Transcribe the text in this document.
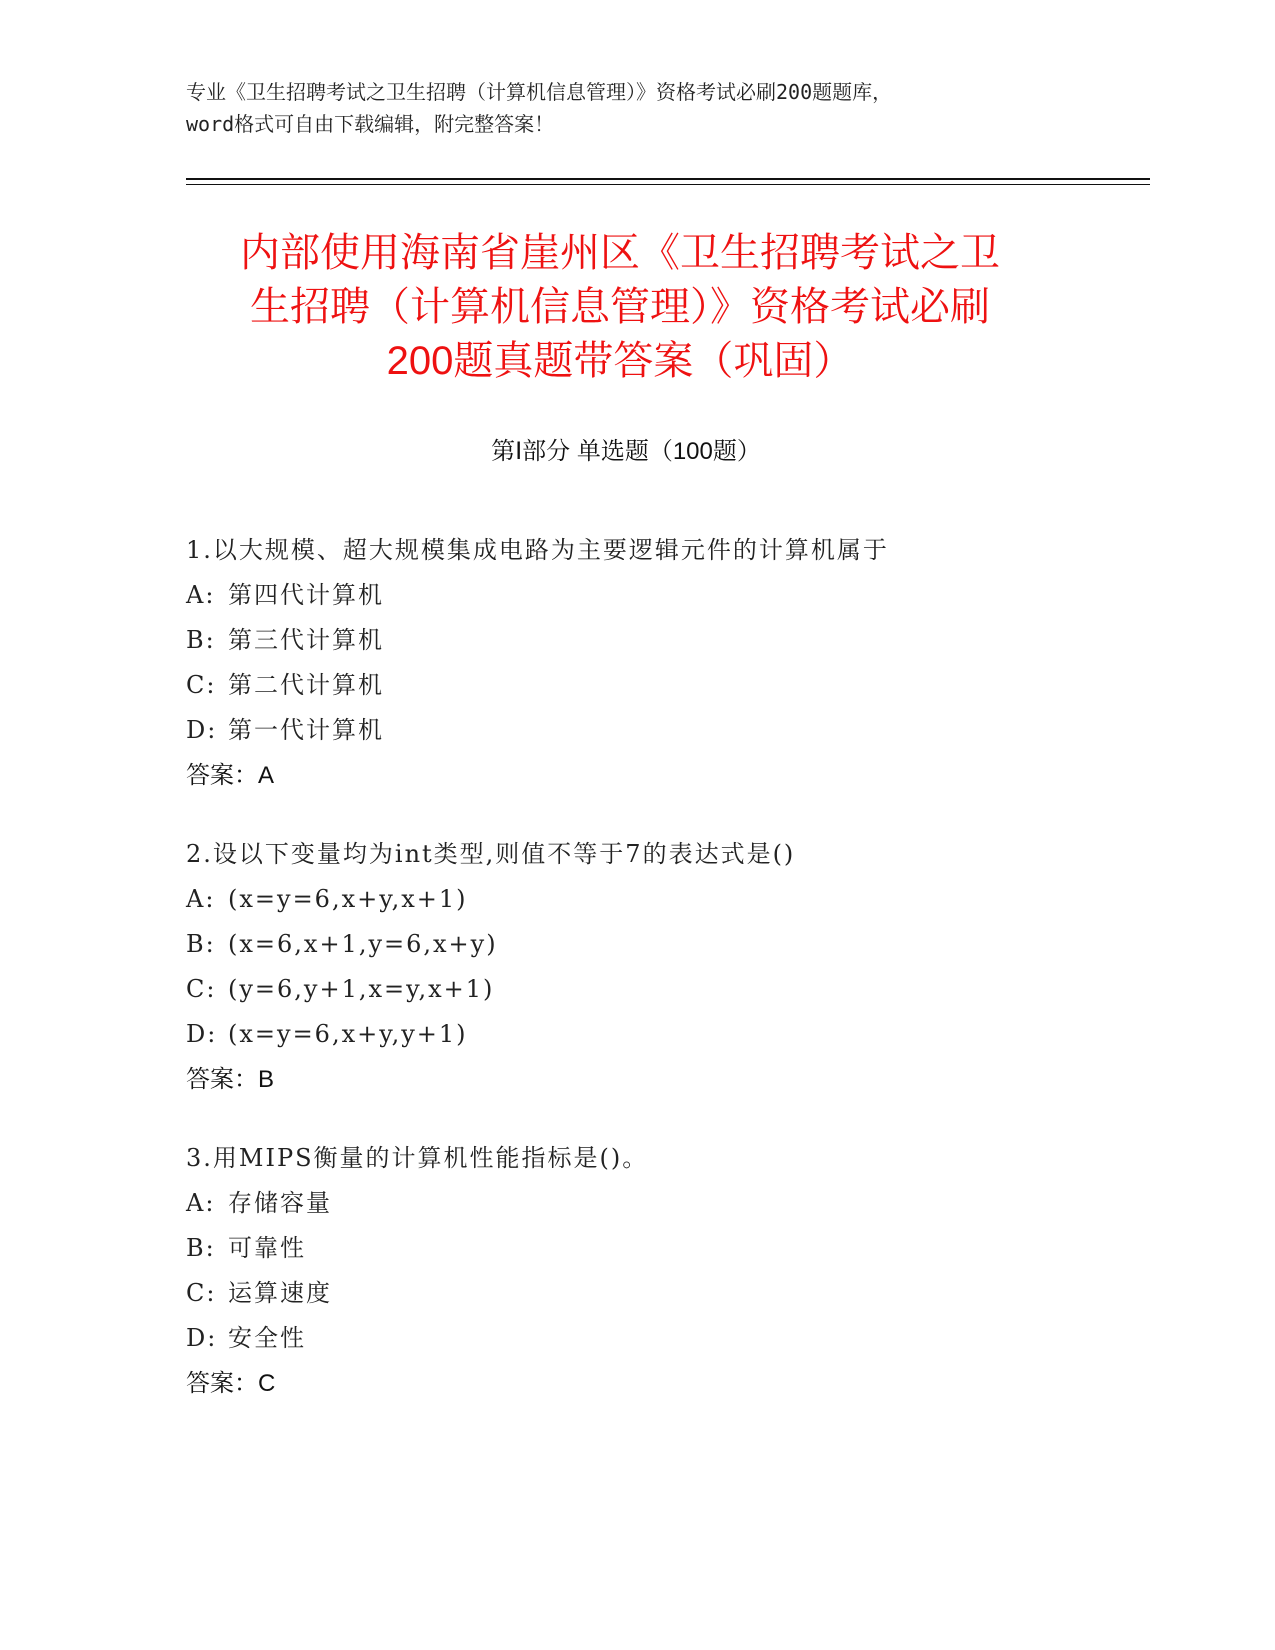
专业《卫生招聘考试之卫生招聘（计算机信息管理）》资格考试必刷200题题库，
word格式可自由下载编辑，附完整答案！
内部使用海南省崖州区《卫生招聘考试之卫
生招聘（计算机信息管理）》资格考试必刷
200题真题带答案（巩固）
第Ⅰ部分 单选题（100题）
1.以大规模、超大规模集成电路为主要逻辑元件的计算机属于
A: 第四代计算机
B: 第三代计算机
C: 第二代计算机
D: 第一代计算机
答案：A
2.设以下变量均为int类型,则值不等于7的表达式是()
A: (x=y=6,x+y,x+1)
B: (x=6,x+1,y=6,x+y)
C: (y=6,y+1,x=y,x+1)
D: (x=y=6,x+y,y+1)
答案：B
3.用MIPS衡量的计算机性能指标是()。
A: 存储容量
B: 可靠性
C: 运算速度
D: 安全性
答案：C
